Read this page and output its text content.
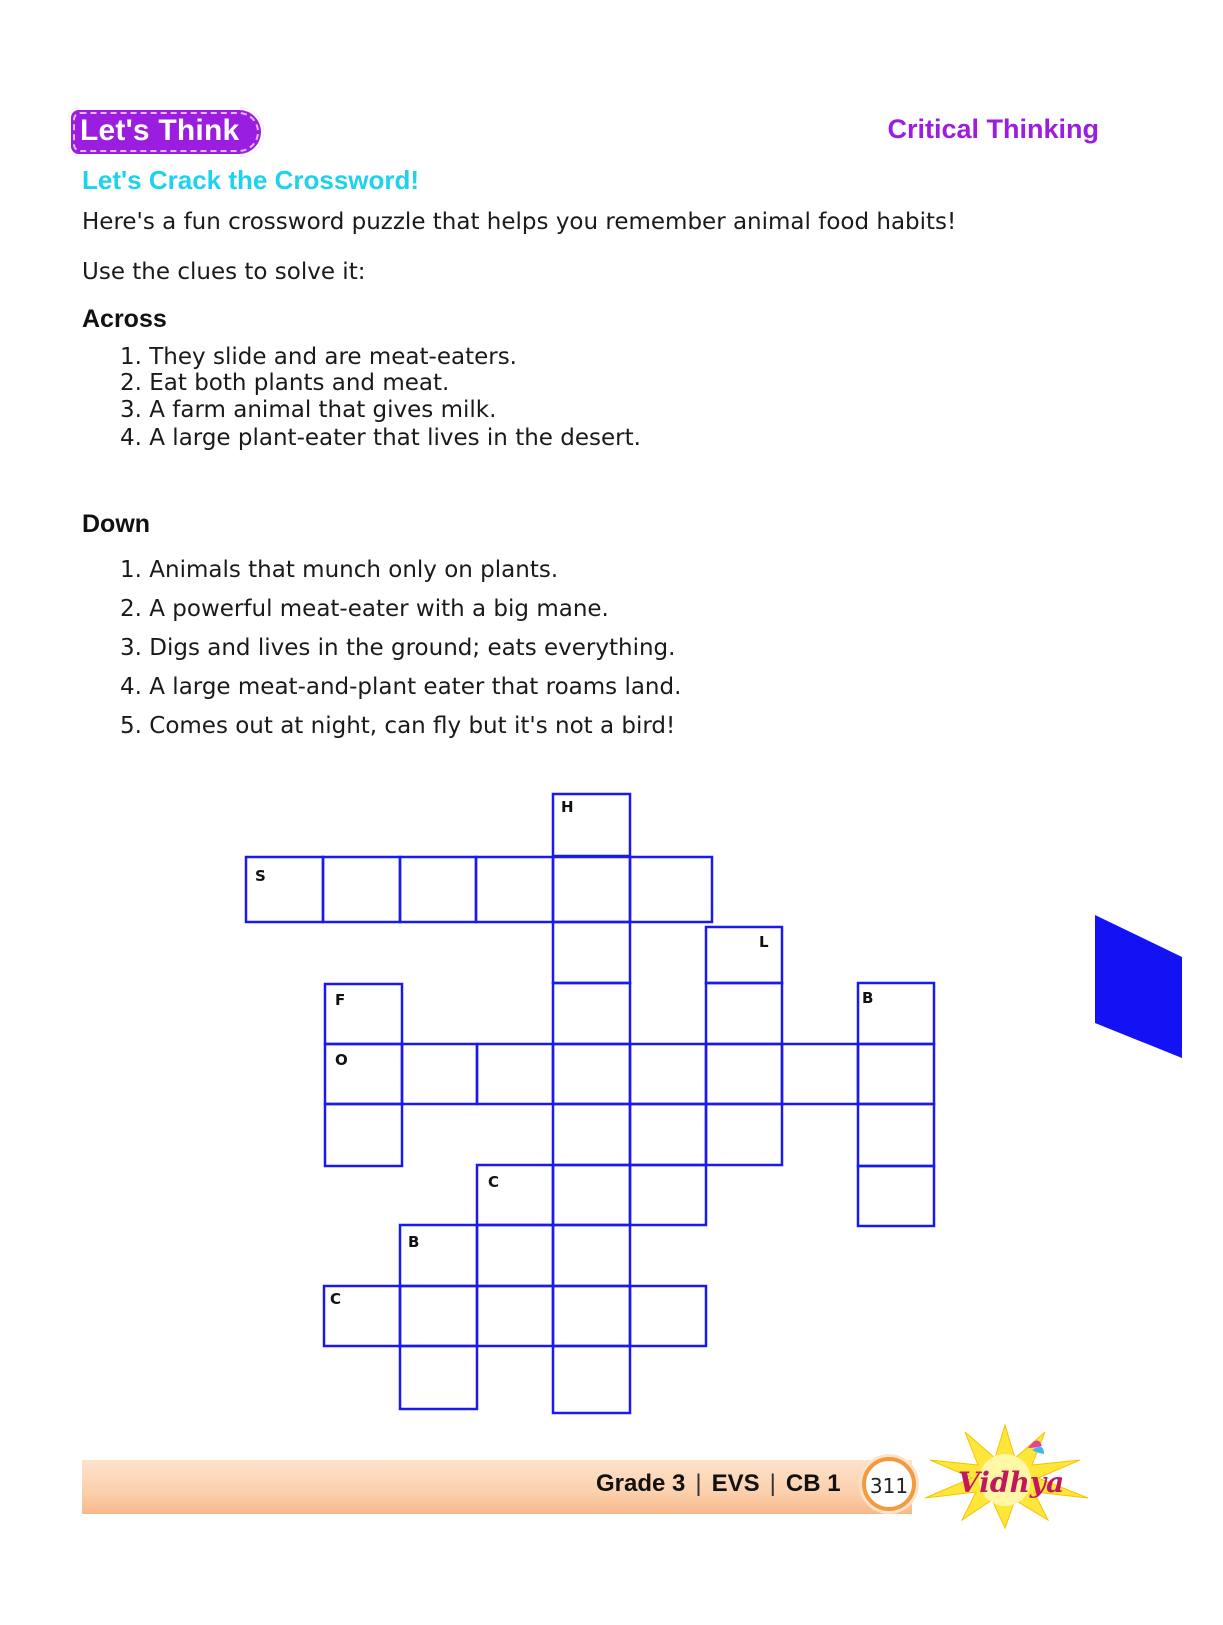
Let's Think	Critical Thinking
Let's Crack the Crossword!
Here's a fun crossword puzzle that helps you remember animal food habits!
Use the clues to solve it:
Across
1. They slide and are meat-eaters.
2. Eat both plants and meat.
3. A farm animal that gives milk.
4. A large plant-eater that lives in the desert.
Down
1. Animals that munch only on plants.
2. A powerful meat-eater with a big mane.
3. Digs and lives in the ground; eats everything.
4. A large meat-and-plant eater that roams land.
5. Comes out at night, can fly but it's not a bird!
H
S
L
F	B
O
C
B
C
Grade 3 | EVS | CB 1 311 Vidhya
